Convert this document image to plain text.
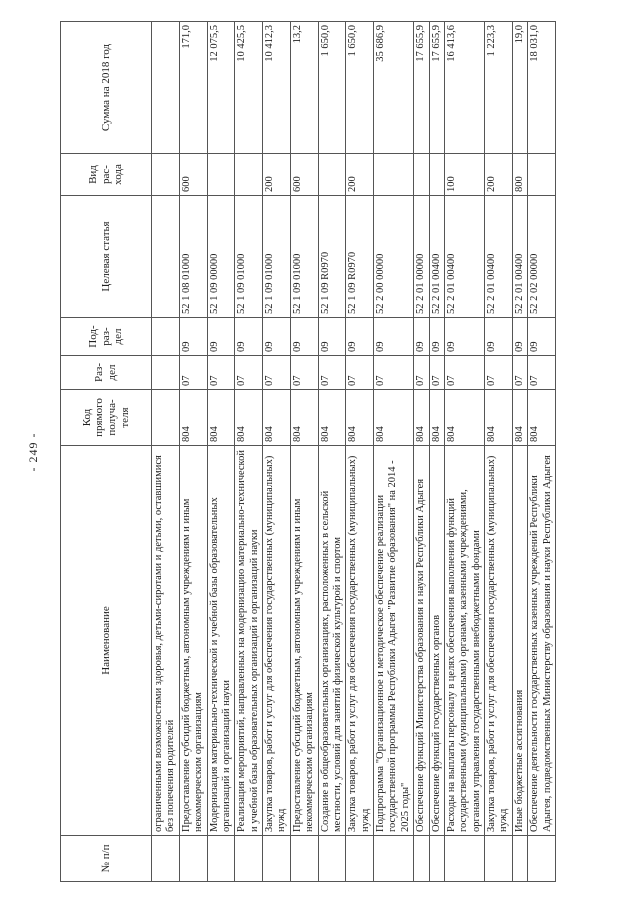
- 249 -
№ п/п	Наименование	Код прямого получа-теля	Раз-дел	Под-раз-дел	Целевая статья	Вид рас-хода	Сумма на 2018 год
	ограниченными возможностями здоровья, детьми-сиротами и детьми, оставшимися без попечения родителей						
	Предоставление субсидий бюджетным, автономным учреждениям и иным некоммерческим организациям	804	07	09	52 1 08 01000	600	171,0
	Модернизация материально-технической и учебной базы образовательных организаций и организаций науки	804	07	09	52 1 09 00000		12 075,5
	Реализация мероприятий, направленных на модернизацию материально-технической и учебной базы образовательных организаций и организаций науки	804	07	09	52 1 09 01000		10 425,5
	Закупка товаров, работ и услуг для обеспечения государственных (муниципальных) нужд	804	07	09	52 1 09 01000	200	10 412,3
	Предоставление субсидий бюджетным, автономным учреждениям и иным некоммерческим организациям	804	07	09	52 1 09 01000	600	13,2
	Создание в общеобразовательных организациях, расположенных в сельской местности, условий для занятий физической культурой и спортом	804	07	09	52 1 09 R0970		1 650,0
	Закупка товаров, работ и услуг для обеспечения государственных (муниципальных) нужд	804	07	09	52 1 09 R0970	200	1 650,0
	Подпрограмма "Организационное и методическое обеспечение реализации государственной программы Республики Адыгея "Развитие образования" на 2014 - 2025 годы"	804	07	09	52 2 00 00000		35 686,9
	Обеспечение функций Министерства образования и науки Республики Адыгея	804	07	09	52 2 01 00000		17 655,9
	Обеспечение функций государственных органов	804	07	09	52 2 01 00400		17 655,9
	Расходы на выплаты персоналу в целях обеспечения выполнения функций государственными (муниципальными) органами, казенными учреждениями, органами управления государственными внебюджетными фондами	804	07	09	52 2 01 00400	100	16 413,6
	Закупка товаров, работ и услуг для обеспечения государственных (муниципальных) нужд	804	07	09	52 2 01 00400	200	1 223,3
	Иные бюджетные ассигнования	804	07	09	52 2 01 00400	800	19,0
	Обеспечение деятельности государственных казенных учреждений Республики Адыгея, подведомственных Министерству образования и науки Республики Адыгея	804	07	09	52 2 02 00000		18 031,0
